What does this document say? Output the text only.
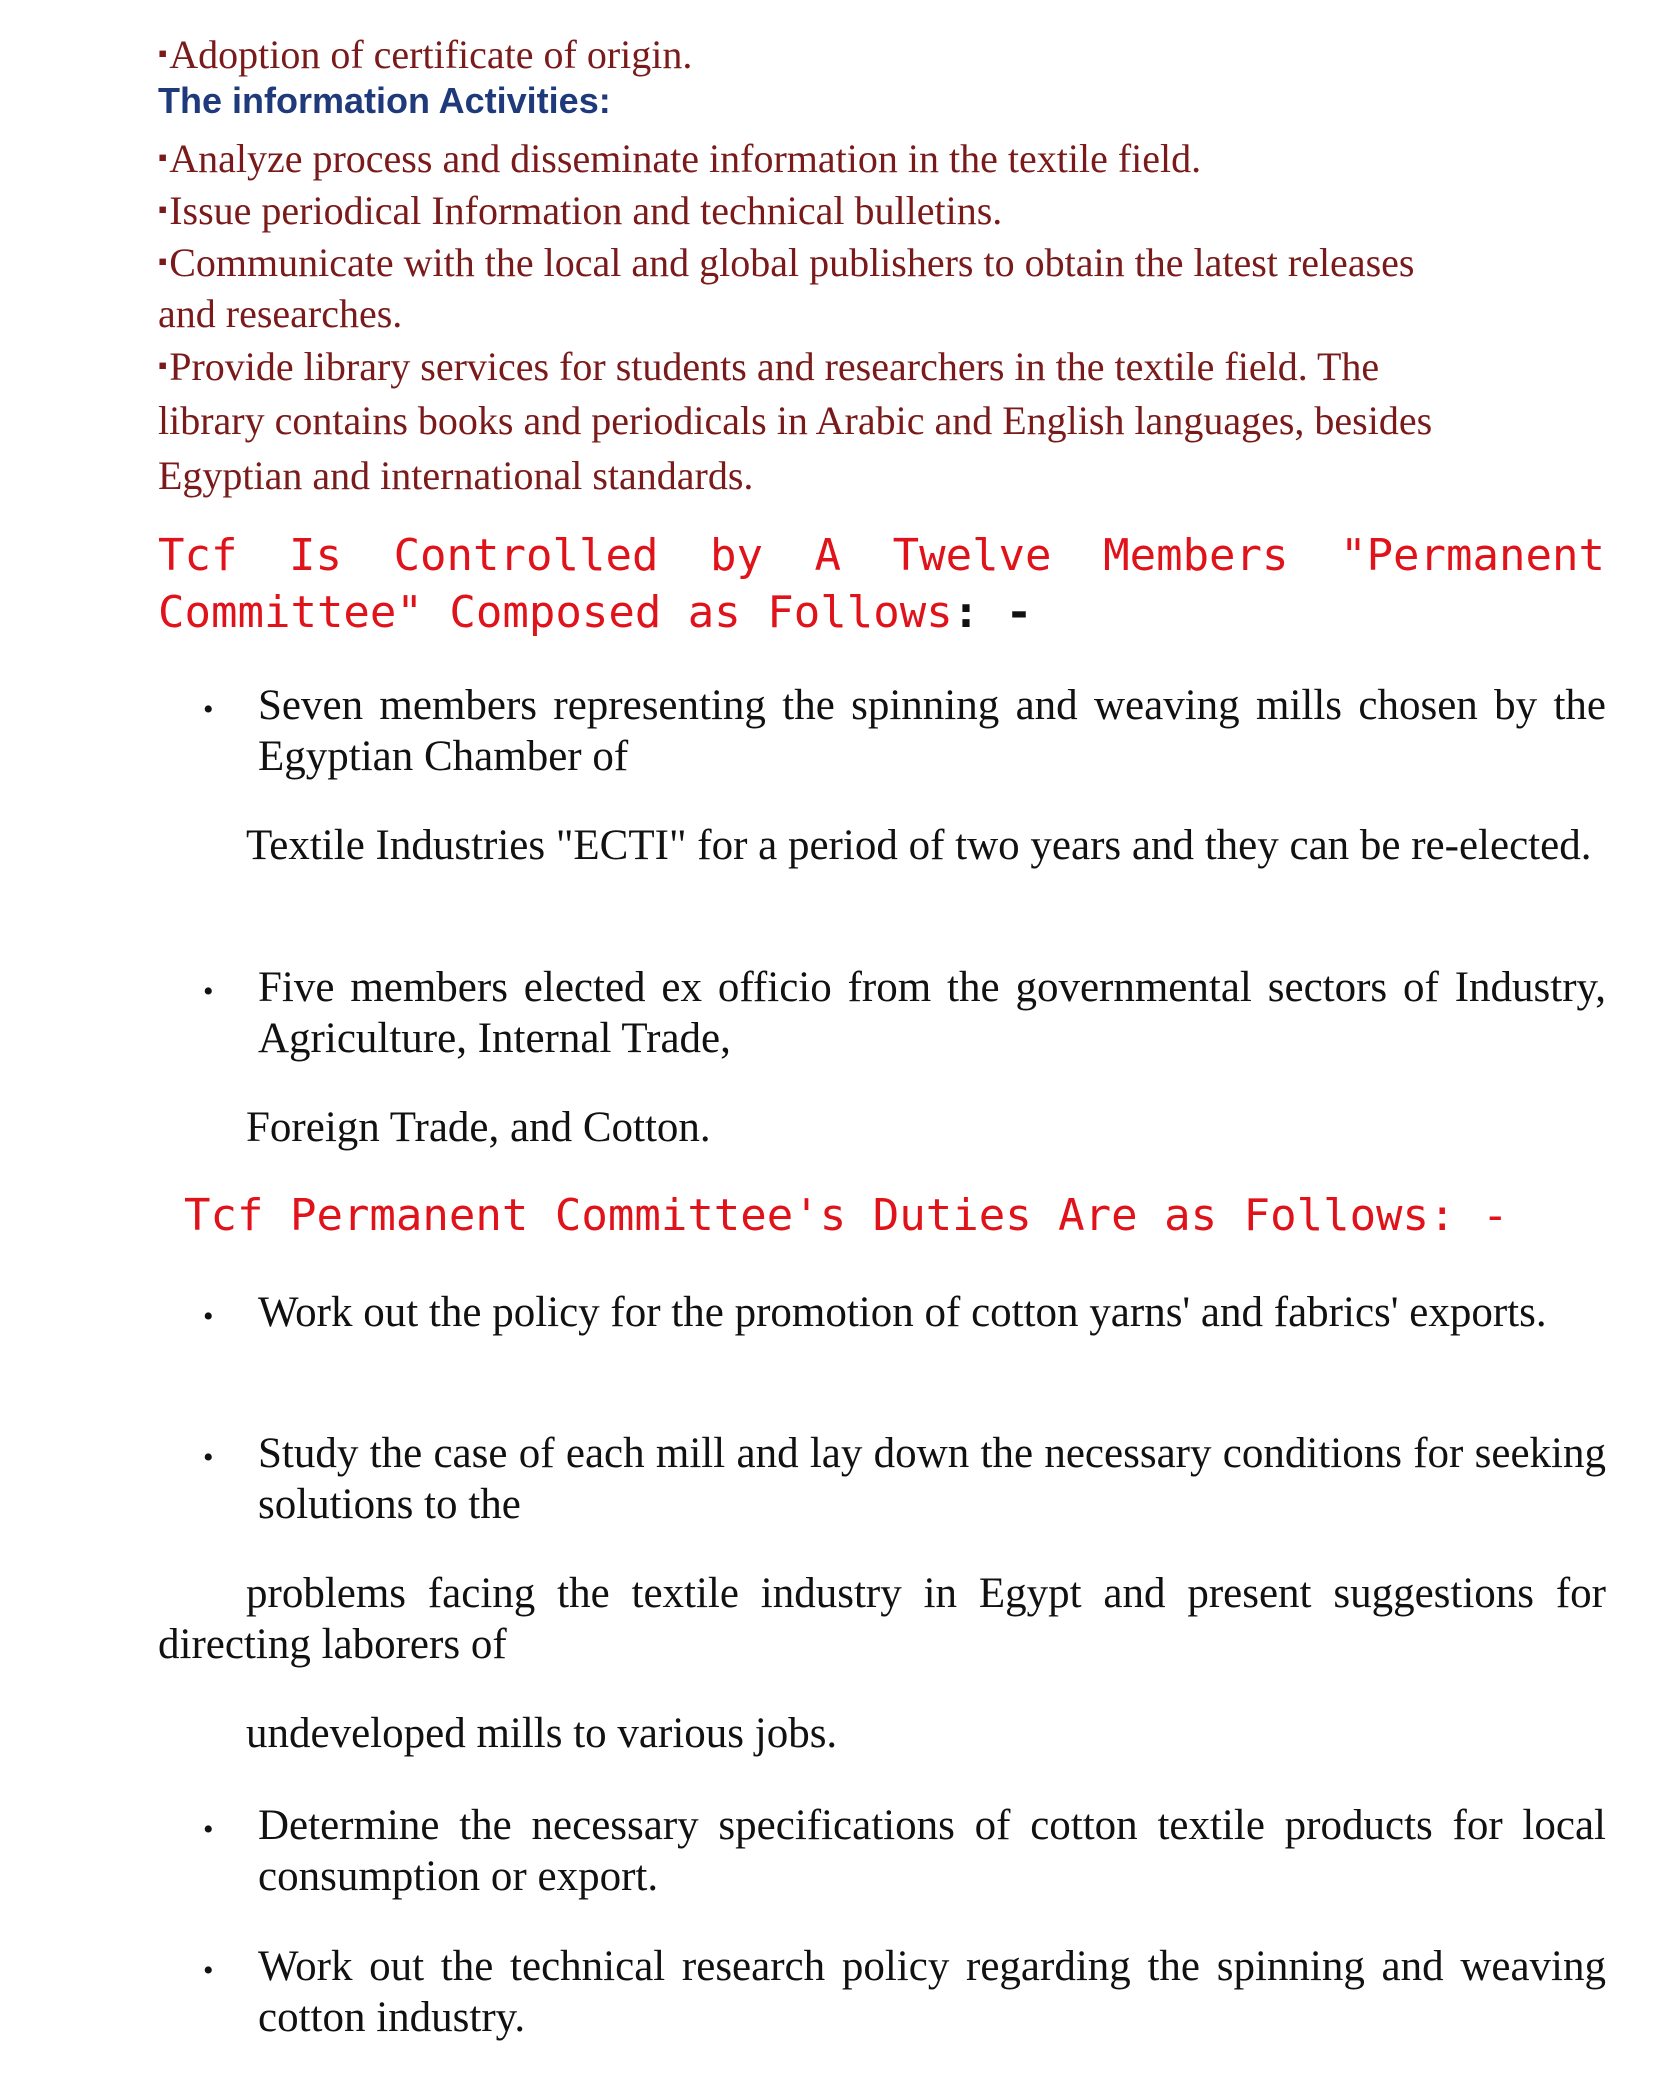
▪Adoption of certificate of origin.
The information Activities:
▪Analyze process and disseminate information in the textile field.
▪Issue periodical Information and technical bulletins.
▪Communicate with the local and global publishers to obtain the latest releases
and researches.
▪Provide library services for students and researchers in the textile field. The
library contains books and periodicals in Arabic and English languages, besides
Egyptian and international standards.
Tcf Is Controlled by A Twelve Members "Permanent
Committee" Composed as Follows: -
• Seven members representing the spinning and weaving mills chosen by the Egyptian Chamber of
Textile Industries "ECTI" for a period of two years and they can be re-elected.
• Five members elected ex officio from the governmental sectors of Industry, Agriculture, Internal Trade,
Foreign Trade, and Cotton.
Tcf Permanent Committee's Duties Are as Follows: -
• Work out the policy for the promotion of cotton yarns' and fabrics' exports.
• Study the case of each mill and lay down the necessary conditions for seeking solutions to the
problems facing the textile industry in Egypt and present suggestions for directing laborers of
undeveloped mills to various jobs.
• Determine the necessary specifications of cotton textile products for local consumption or export.
• Work out the technical research policy regarding the spinning and weaving cotton industry.
